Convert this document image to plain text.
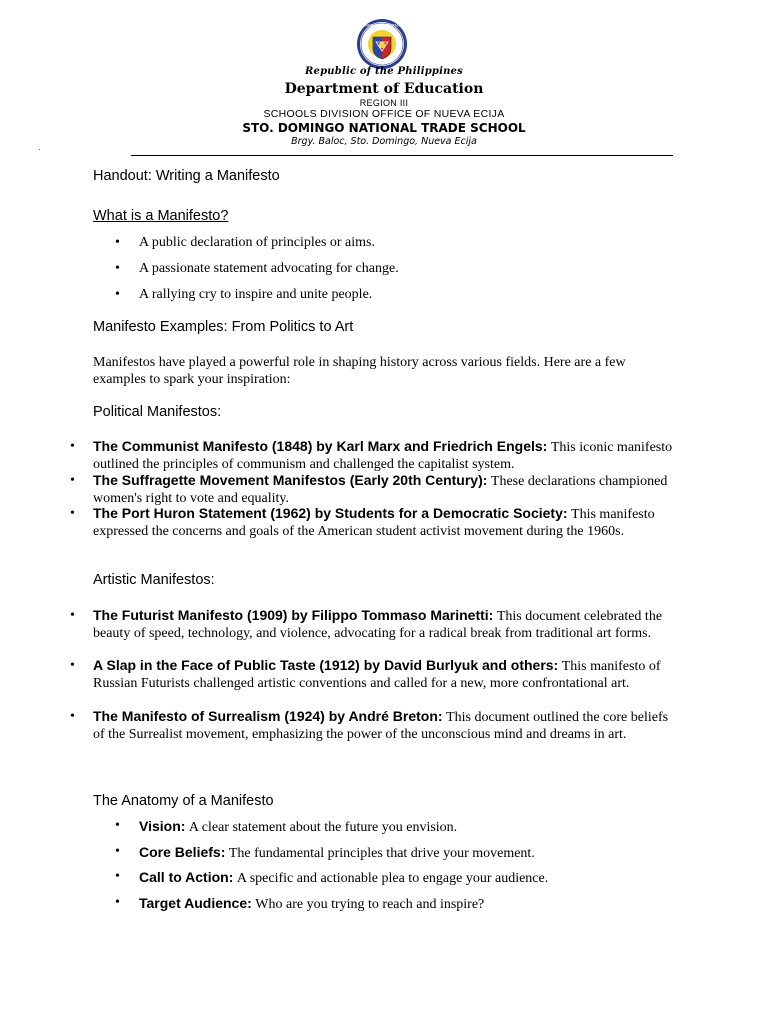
KAGAWARAN NG EDUKASYON
Republic of the Philippines
Department of Education
REGION III
SCHOOLS DIVISION OFFICE OF NUEVA ECIJA
STO. DOMINGO NATIONAL TRADE SCHOOL
Brgy. Baloc, Sto. Domingo, Nueva Ecija
·
Handout: Writing a Manifesto
What is a Manifesto?
• A public declaration of principles or aims.
• A passionate statement advocating for change.
• A rallying cry to inspire and unite people.
Manifesto Examples: From Politics to Art
Manifestos have played a powerful role in shaping history across various fields. Here are a few examples to spark your inspiration:
Political Manifestos:
• The Communist Manifesto (1848) by Karl Marx and Friedrich Engels: This iconic manifesto outlined the principles of communism and challenged the capitalist system.
• The Suffragette Movement Manifestos (Early 20th Century): These declarations championed women's right to vote and equality.
• The Port Huron Statement (1962) by Students for a Democratic Society: This manifesto expressed the concerns and goals of the American student activist movement during the 1960s.
Artistic Manifestos:
• The Futurist Manifesto (1909) by Filippo Tommaso Marinetti: This document celebrated the beauty of speed, technology, and violence, advocating for a radical break from traditional art forms.
• A Slap in the Face of Public Taste (1912) by David Burlyuk and others: This manifesto of Russian Futurists challenged artistic conventions and called for a new, more confrontational art.
• The Manifesto of Surrealism (1924) by André Breton: This document outlined the core beliefs of the Surrealist movement, emphasizing the power of the unconscious mind and dreams in art.
The Anatomy of a Manifesto
• Vision: A clear statement about the future you envision.
• Core Beliefs: The fundamental principles that drive your movement.
• Call to Action: A specific and actionable plea to engage your audience.
• Target Audience: Who are you trying to reach and inspire?
